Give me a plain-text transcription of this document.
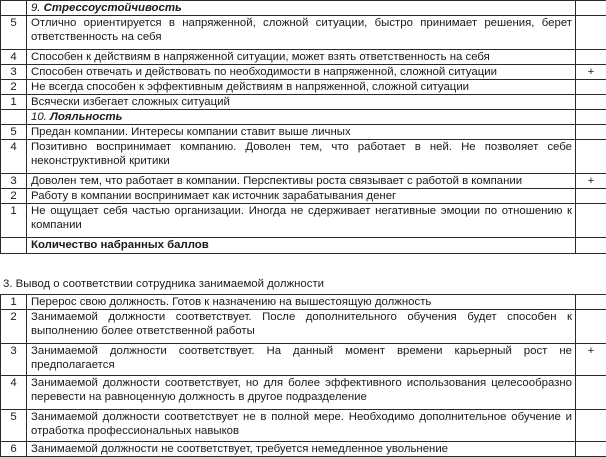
	9. Стрессоустойчивость	
5	Отлично ориентируется в напряженной, сложной ситуации, быстро принимает решения, берет ответственность на себя	
4	Способен к действиям в напряженной ситуации, может взять ответственность на себя	
3	Способен отвечать и действовать по необходимости в напряженной, сложной ситуации	+
2	Не всегда способен к эффективным действиям в напряженной, сложной ситуации	
1	Всячески избегает сложных ситуаций	
	10. Лояльность	
5	Предан компании. Интересы компании ставит выше личных	
4	Позитивно воспринимает компанию. Доволен тем, что работает в ней. Не позволяет себе неконструктивной критики	
3	Доволен тем, что работает в компании. Перспективы роста связывает с работой в компании	+
2	Работу в компании воспринимает как источник зарабатывания денег	
1	Не ощущает себя частью организации. Иногда не сдерживает негативные эмоции по отношению к компании	
	Количество набранных баллов	
3. Вывод о соответствии сотрудника занимаемой должности
1	Перерос свою должность. Готов к назначению на вышестоящую должность	
2	Занимаемой должности соответствует. После дополнительного обучения будет способен к выполнению более ответственной работы	
3	Занимаемой должности соответствует. На данный момент времени карьерный рост не предполагается	+
4	Занимаемой должности соответствует, но для более эффективного использования целесообразно перевести на равноценную должность в другое подразделение	
5	Занимаемой должности соответствует не в полной мере. Необходимо дополнительное обучение и отработка профессиональных навыков	
6	Занимаемой должности не соответствует, требуется немедленное увольнение	
